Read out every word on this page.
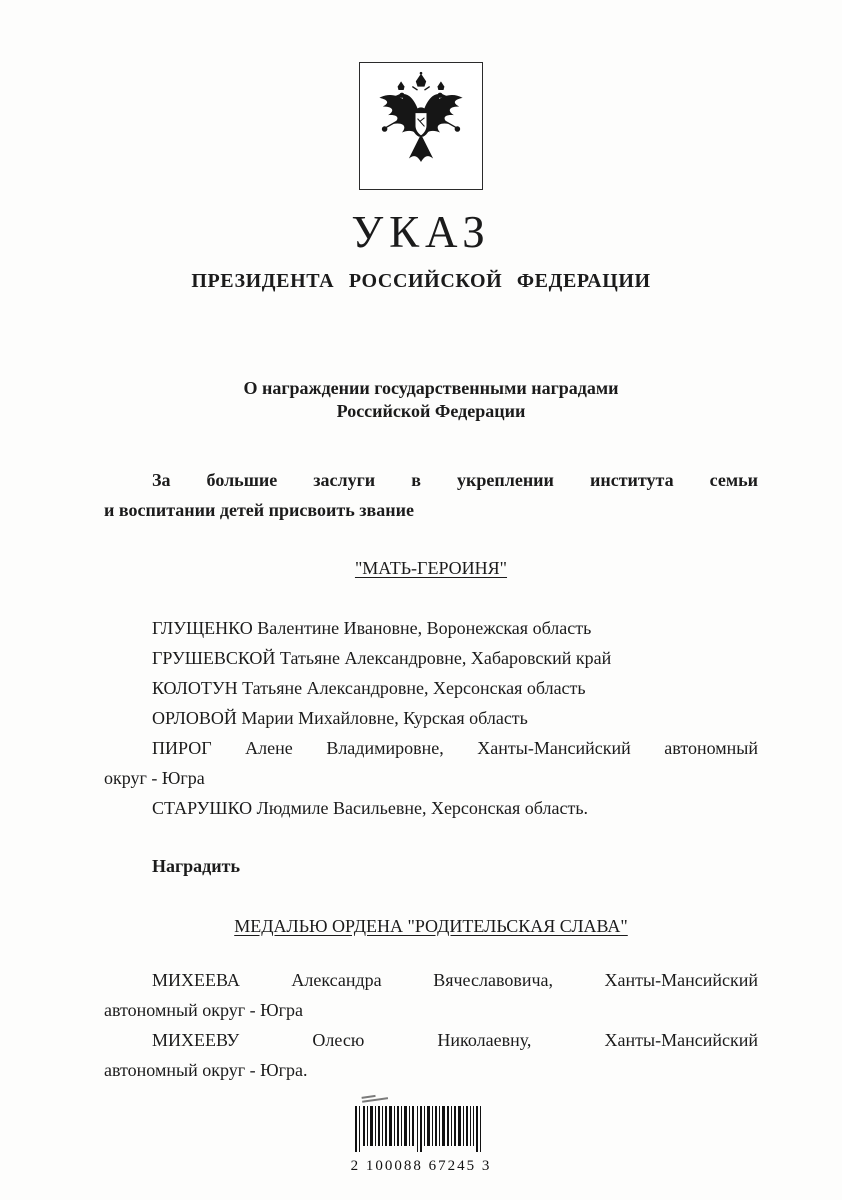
УКАЗ
ПРЕЗИДЕНТА РОССИЙСКОЙ ФЕДЕРАЦИИ
О награждении государственными наградами
Российской Федерации
За большие заслуги в укреплении института семьи
и воспитании детей присвоить звание
"МАТЬ-ГЕРОИНЯ"
ГЛУЩЕНКО Валентине Ивановне, Воронежская область
ГРУШЕВСКОЙ Татьяне Александровне, Хабаровский край
КОЛОТУН Татьяне Александровне, Херсонская область
ОРЛОВОЙ Марии Михайловне, Курская область
ПИРОГ Алене Владимировне, Ханты-Мансийский автономный
округ - Югра
СТАРУШКО Людмиле Васильевне, Херсонская область.
Наградить
МЕДАЛЬЮ ОРДЕНА "РОДИТЕЛЬСКАЯ СЛАВА"
МИХЕЕВА Александра Вячеславовича, Ханты-Мансийский
автономный округ - Югра
МИХЕЕВУ Олесю Николаевну, Ханты-Мансийский
автономный округ - Югра.
2 100088 67245 3
